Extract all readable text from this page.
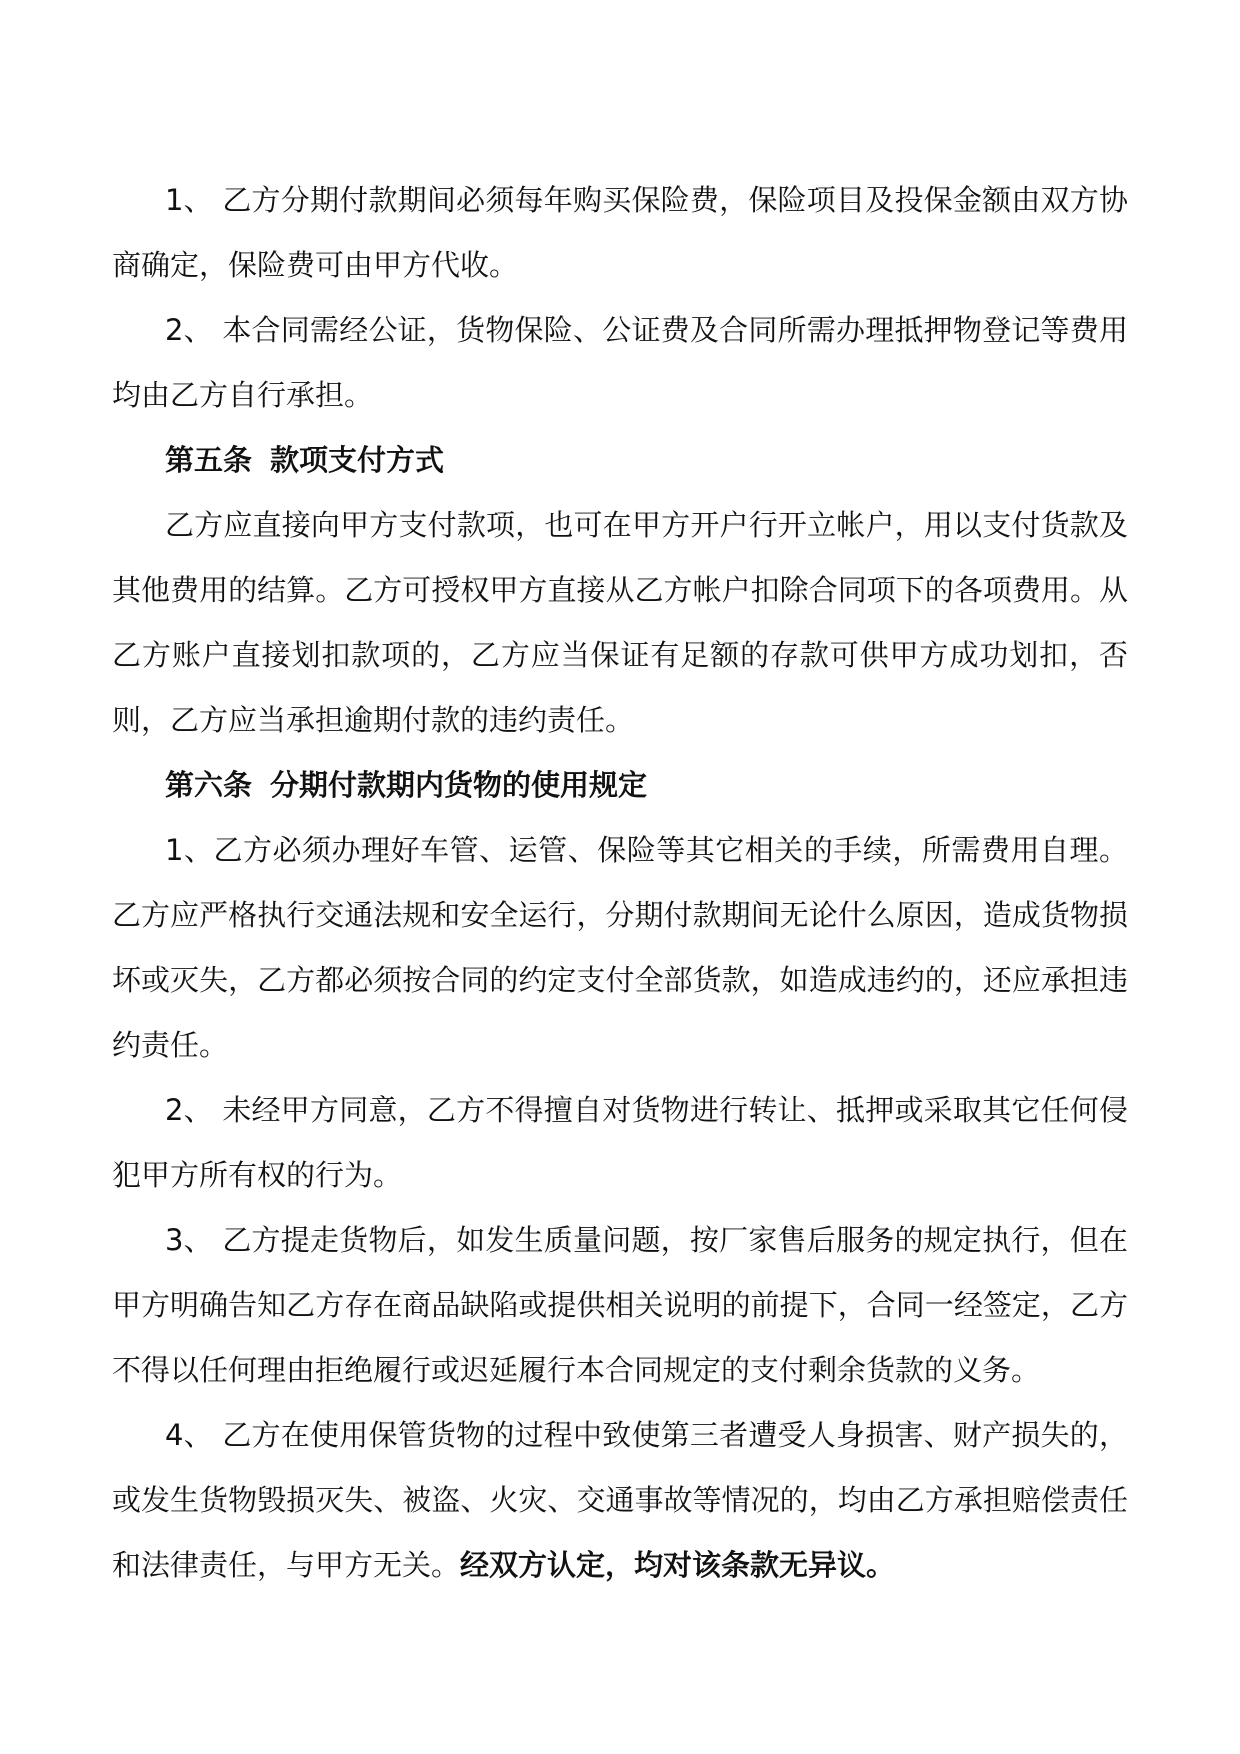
1、 乙方分期付款期间必须每年购买保险费，保险项目及投保金额由双方协商确定，保险费可由甲方代收。

2、 本合同需经公证，货物保险、公证费及合同所需办理抵押物登记等费用均由乙方自行承担。

第五条 款项支付方式

乙方应直接向甲方支付款项，也可在甲方开户行开立帐户，用以支付货款及其他费用的结算。乙方可授权甲方直接从乙方帐户扣除合同项下的各项费用。从乙方账户直接划扣款项的，乙方应当保证有足额的存款可供甲方成功划扣，否则，乙方应当承担逾期付款的违约责任。

第六条 分期付款期内货物的使用规定

1、乙方必须办理好车管、运管、保险等其它相关的手续，所需费用自理。乙方应严格执行交通法规和安全运行，分期付款期间无论什么原因，造成货物损坏或灭失，乙方都必须按合同的约定支付全部货款，如造成违约的，还应承担违约责任。

2、 未经甲方同意，乙方不得擅自对货物进行转让、抵押或采取其它任何侵犯甲方所有权的行为。

3、 乙方提走货物后，如发生质量问题，按厂家售后服务的规定执行，但在甲方明确告知乙方存在商品缺陷或提供相关说明的前提下，合同一经签定，乙方不得以任何理由拒绝履行或迟延履行本合同规定的支付剩余货款的义务。

4、 乙方在使用保管货物的过程中致使第三者遭受人身损害、财产损失的，或发生货物毁损灭失、被盗、火灾、交通事故等情况的，均由乙方承担赔偿责任和法律责任，与甲方无关。经双方认定，均对该条款无异议。
